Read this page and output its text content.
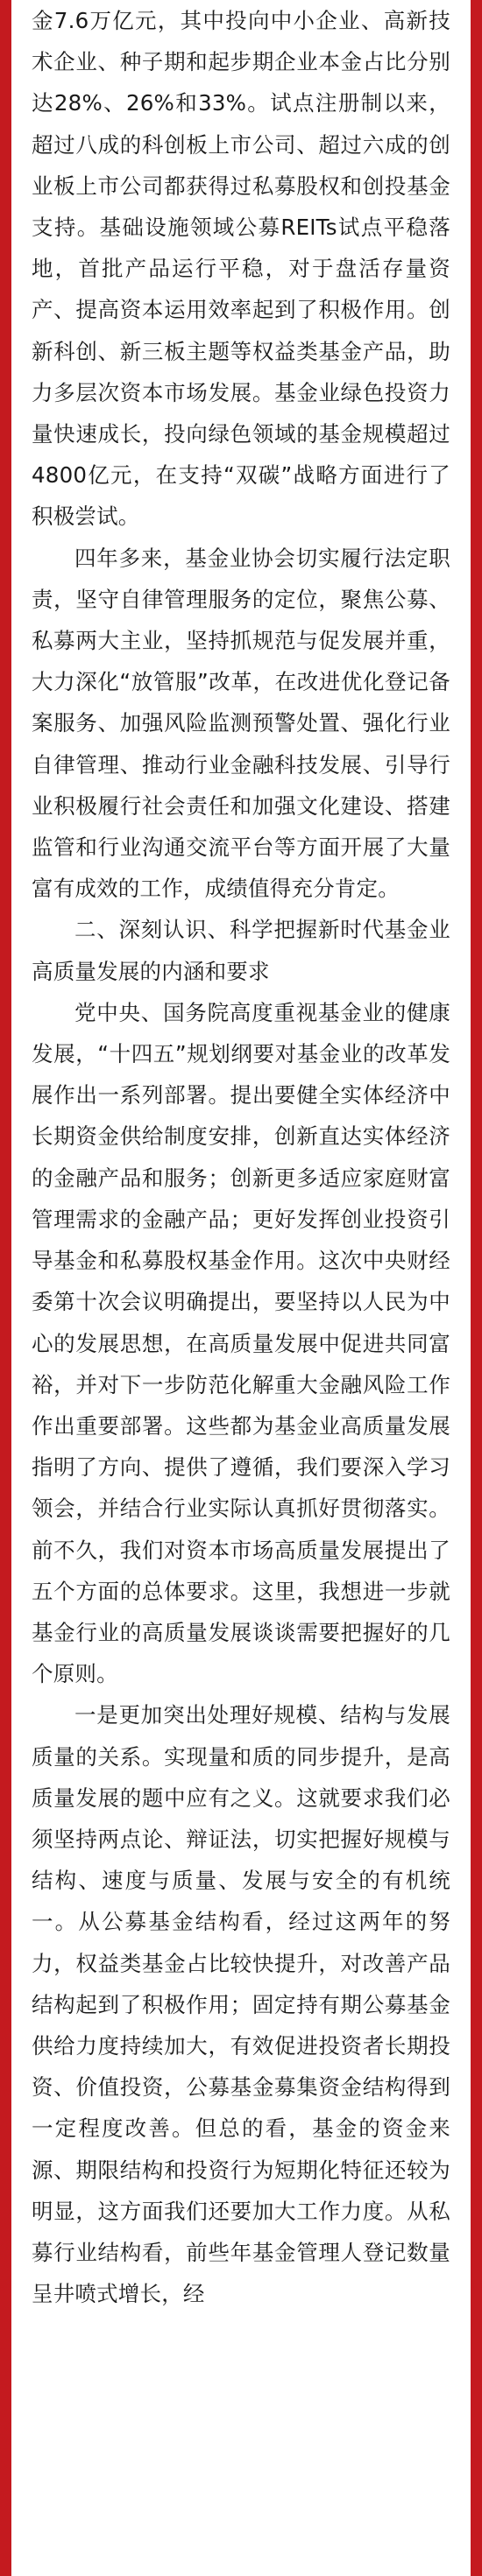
金7.6万亿元，其中投向中小企业、高新技术企业、种子期和起步期企业本金占比分别达28%、26%和33%。试点注册制以来，超过八成的科创板上市公司、超过六成的创业板上市公司都获得过私募股权和创投基金支持。基础设施领域公募REITs试点平稳落地，首批产品运行平稳，对于盘活存量资产、提高资本运用效率起到了积极作用。创新科创、新三板主题等权益类基金产品，助力多层次资本市场发展。基金业绿色投资力量快速成长，投向绿色领域的基金规模超过4800亿元，在支持“双碳”战略方面进行了积极尝试。

四年多来，基金业协会切实履行法定职责，坚守自律管理服务的定位，聚焦公募、私募两大主业，坚持抓规范与促发展并重，大力深化“放管服”改革，在改进优化登记备案服务、加强风险监测预警处置、强化行业自律管理、推动行业金融科技发展、引导行业积极履行社会责任和加强文化建设、搭建监管和行业沟通交流平台等方面开展了大量富有成效的工作，成绩值得充分肯定。

二、深刻认识、科学把握新时代基金业高质量发展的内涵和要求

党中央、国务院高度重视基金业的健康发展，“十四五”规划纲要对基金业的改革发展作出一系列部署。提出要健全实体经济中长期资金供给制度安排，创新直达实体经济的金融产品和服务；创新更多适应家庭财富管理需求的金融产品；更好发挥创业投资引导基金和私募股权基金作用。这次中央财经委第十次会议明确提出，要坚持以人民为中心的发展思想，在高质量发展中促进共同富裕，并对下一步防范化解重大金融风险工作作出重要部署。这些都为基金业高质量发展指明了方向、提供了遵循，我们要深入学习领会，并结合行业实际认真抓好贯彻落实。前不久，我们对资本市场高质量发展提出了五个方面的总体要求。这里，我想进一步就基金行业的高质量发展谈谈需要把握好的几个原则。

一是更加突出处理好规模、结构与发展质量的关系。实现量和质的同步提升，是高质量发展的题中应有之义。这就要求我们必须坚持两点论、辩证法，切实把握好规模与结构、速度与质量、发展与安全的有机统一。从公募基金结构看，经过这两年的努力，权益类基金占比较快提升，对改善产品结构起到了积极作用；固定持有期公募基金供给力度持续加大，有效促进投资者长期投资、价值投资，公募基金募集资金结构得到一定程度改善。但总的看，基金的资金来源、期限结构和投资行为短期化特征还较为明显，这方面我们还要加大工作力度。从私募行业结构看，前些年基金管理人登记数量呈井喷式增长，经
